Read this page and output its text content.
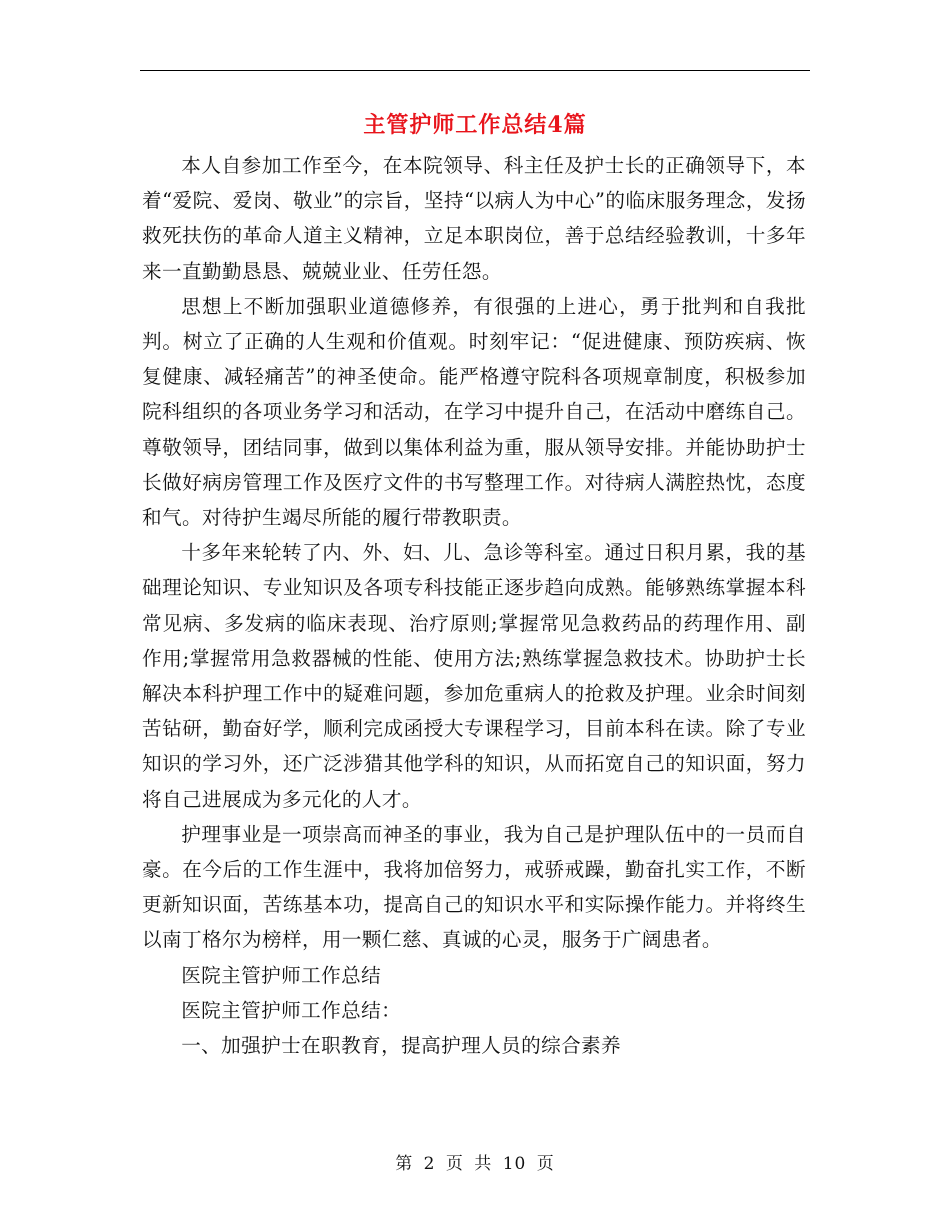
主管护师工作总结4篇

本人自参加工作至今，在本院领导、科主任及护士长的正确领导下，本着“爱院、爱岗、敬业”的宗旨，坚持“以病人为中心”的临床服务理念，发扬救死扶伤的革命人道主义精神，立足本职岗位，善于总结经验教训，十多年来一直勤勤恳恳、兢兢业业、任劳任怨。

思想上不断加强职业道德修养，有很强的上进心，勇于批判和自我批判。树立了正确的人生观和价值观。时刻牢记：“促进健康、预防疾病、恢复健康、减轻痛苦”的神圣使命。能严格遵守院科各项规章制度，积极参加院科组织的各项业务学习和活动，在学习中提升自己，在活动中磨练自己。尊敬领导，团结同事，做到以集体利益为重，服从领导安排。并能协助护士长做好病房管理工作及医疗文件的书写整理工作。对待病人满腔热忱，态度和气。对待护生竭尽所能的履行带教职责。

十多年来轮转了内、外、妇、儿、急诊等科室。通过日积月累，我的基础理论知识、专业知识及各项专科技能正逐步趋向成熟。能够熟练掌握本科常见病、多发病的临床表现、治疗原则;掌握常见急救药品的药理作用、副作用;掌握常用急救器械的性能、使用方法;熟练掌握急救技术。协助护士长解决本科护理工作中的疑难问题，参加危重病人的抢救及护理。业余时间刻苦钻研，勤奋好学，顺利完成函授大专课程学习，目前本科在读。除了专业知识的学习外，还广泛涉猎其他学科的知识，从而拓宽自己的知识面，努力将自己进展成为多元化的人才。

护理事业是一项崇高而神圣的事业，我为自己是护理队伍中的一员而自豪。在今后的工作生涯中，我将加倍努力，戒骄戒躁，勤奋扎实工作，不断更新知识面，苦练基本功，提高自己的知识水平和实际操作能力。并将终生以南丁格尔为榜样，用一颗仁慈、真诚的心灵，服务于广阔患者。

医院主管护师工作总结

医院主管护师工作总结：

一、加强护士在职教育，提高护理人员的综合素养

第 2 页 共 10 页
